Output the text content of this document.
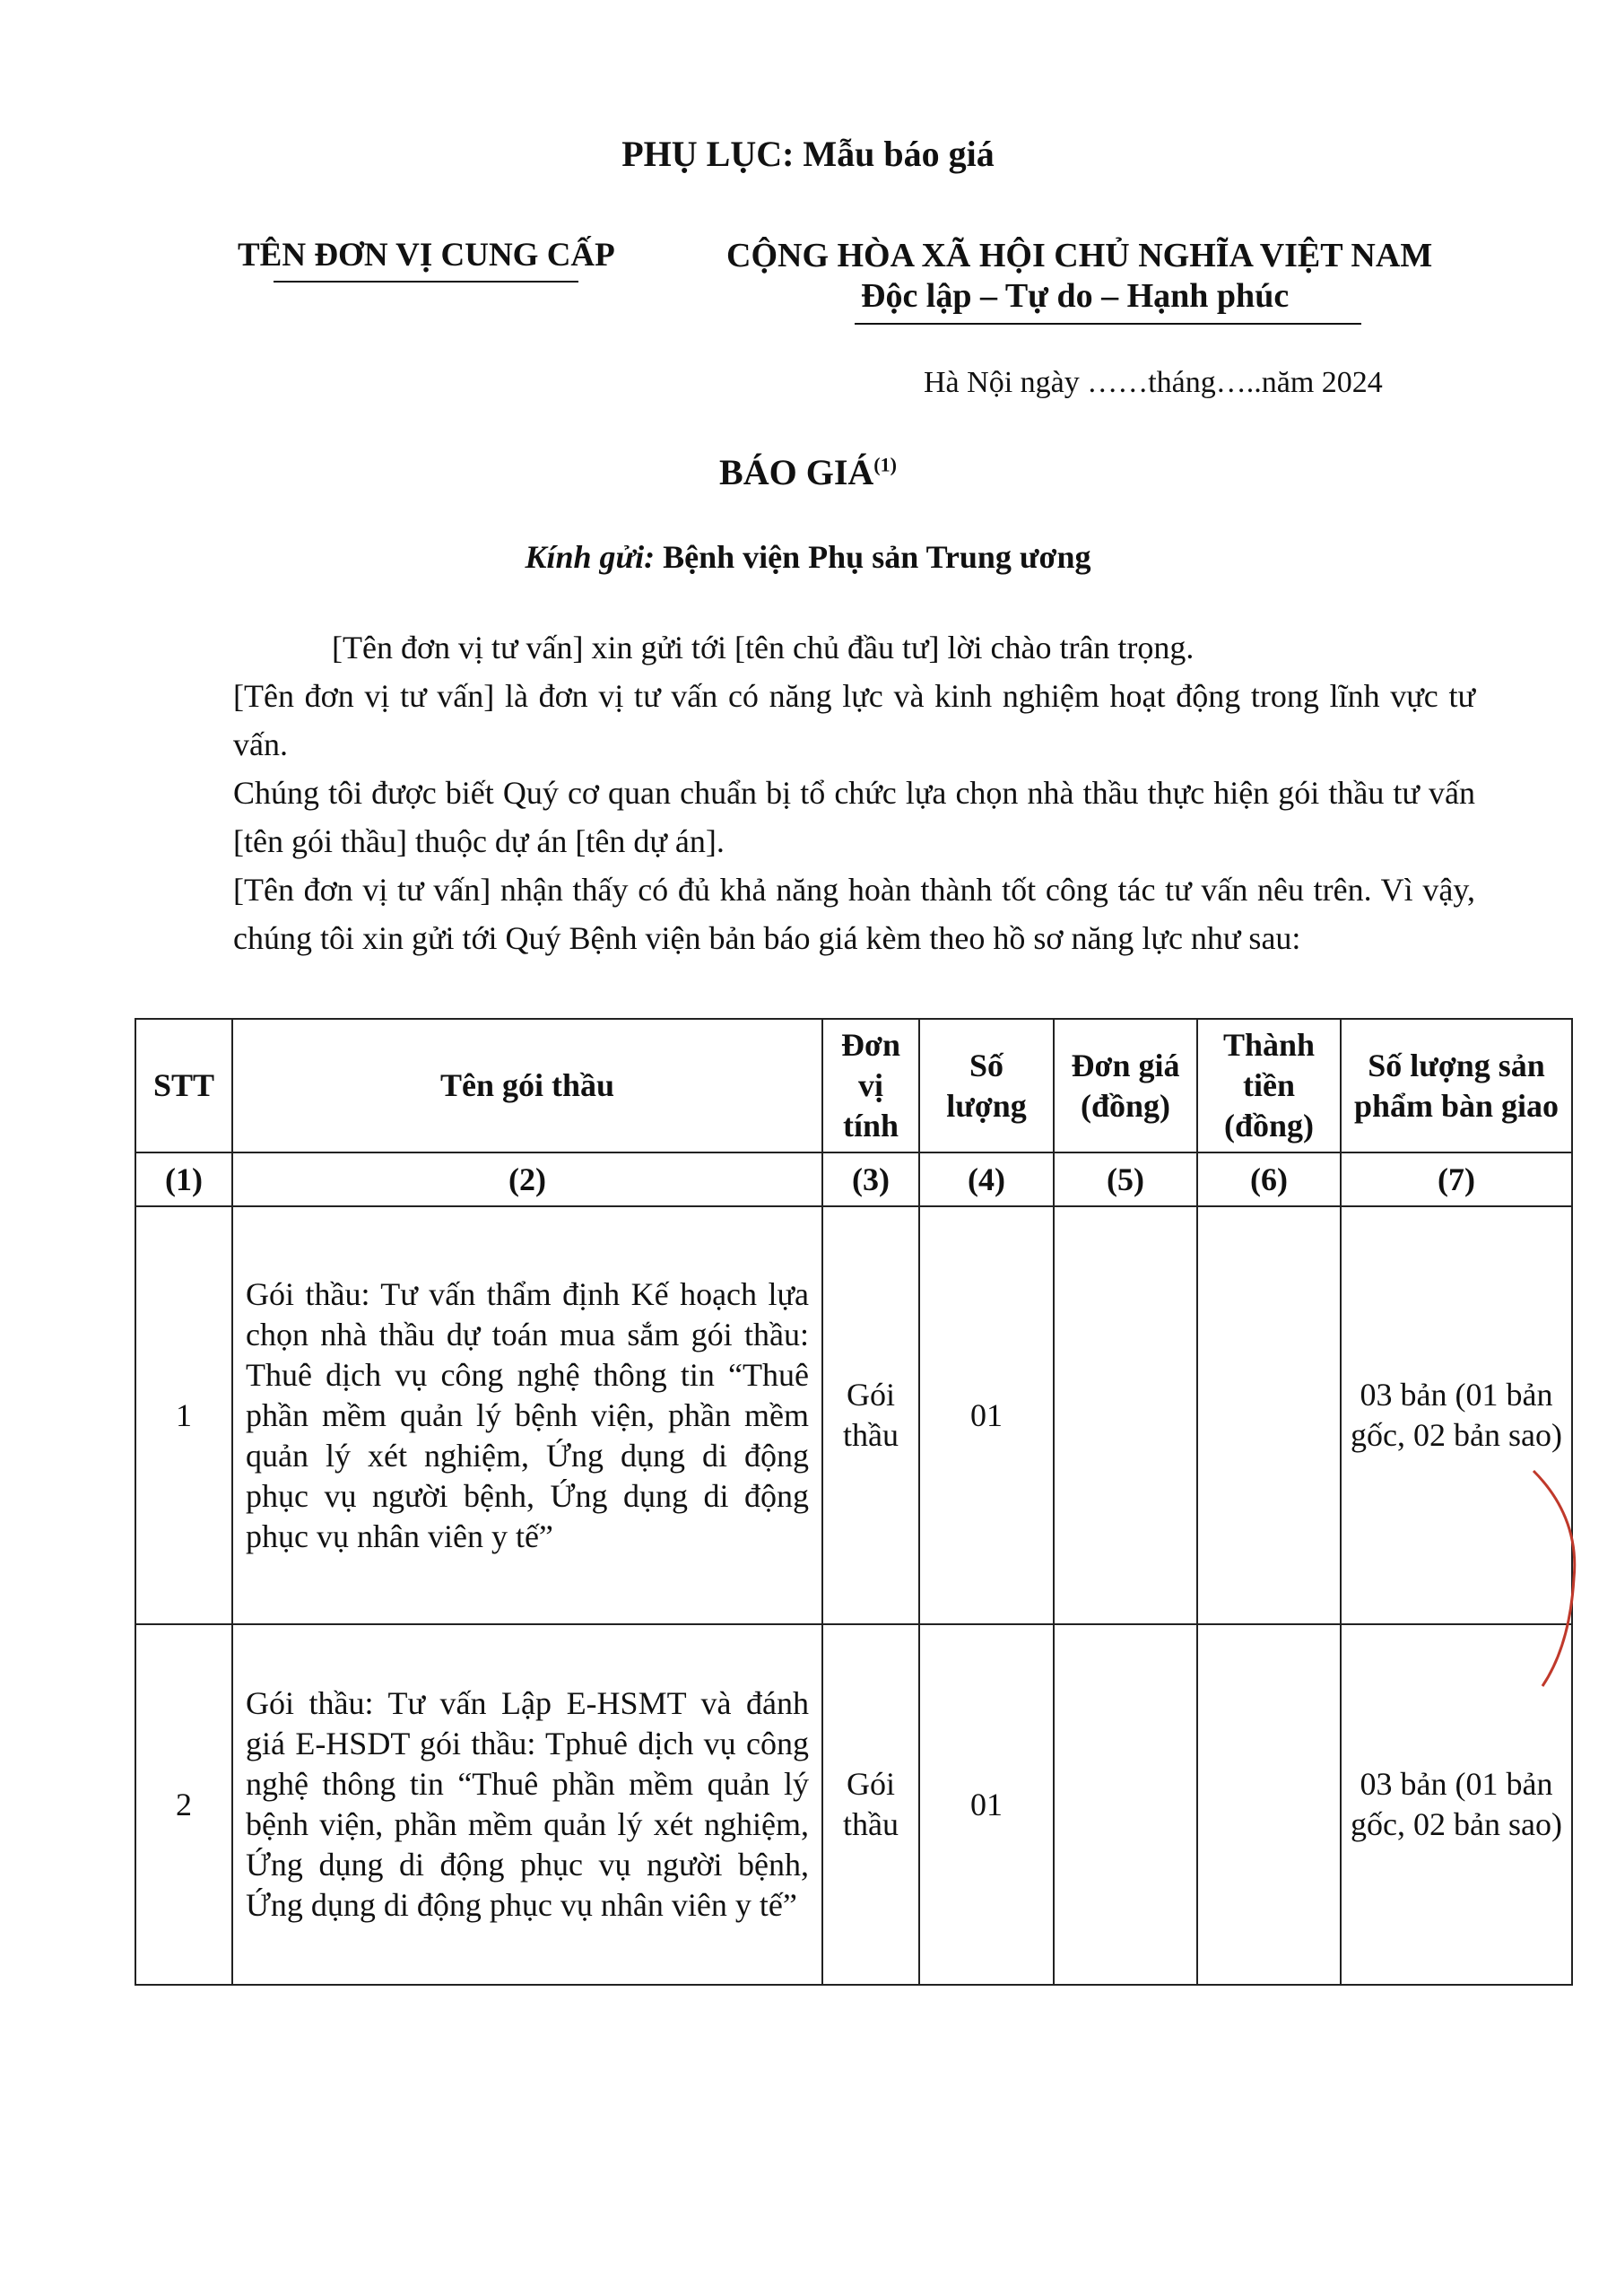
PHỤ LỤC: Mẫu báo giá
TÊN ĐƠN VỊ CUNG CẤP	CỘNG HÒA XÃ HỘI CHỦ NGHĨA VIỆT NAM
Độc lập – Tự do – Hạnh phúc
Hà Nội ngày ……tháng…..năm 2024
BÁO GIÁ$^{(1)}$
Kính gửi: Bệnh viện Phụ sản Trung ương

[Tên đơn vị tư vấn] xin gửi tới [tên chủ đầu tư] lời chào trân trọng.

[Tên đơn vị tư vấn] là đơn vị tư vấn có năng lực và kinh nghiệm hoạt động trong lĩnh vực tư vấn.

Chúng tôi được biết Quý cơ quan chuẩn bị tổ chức lựa chọn nhà thầu thực hiện gói thầu tư vấn [tên gói thầu] thuộc dự án [tên dự án].

[Tên đơn vị tư vấn] nhận thấy có đủ khả năng hoàn thành tốt công tác tư vấn nêu trên. Vì vậy, chúng tôi xin gửi tới Quý Bệnh viện bản báo giá kèm theo hồ sơ năng lực như sau:

STT	Tên gói thầu	Đơn vị tính	Số lượng	Đơn giá (đồng)	Thành tiền (đồng)	Số lượng sản phẩm bàn giao
(1)	(2)	(3)	(4)	(5)	(6)	(7)
1	Gói thầu: Tư vấn thẩm định Kế hoạch lựa chọn nhà thầu dự toán mua sắm gói thầu: Thuê dịch vụ công nghệ thông tin “Thuê phần mềm quản lý bệnh viện, phần mềm quản lý xét nghiệm, Ứng dụng di động phục vụ người bệnh, Ứng dụng di động phục vụ nhân viên y tế”	Gói thầu	01			03 bản (01 bản gốc, 02 bản sao)
2	Gói thầu: Tư vấn Lập E-HSMT và đánh giá E-HSDT gói thầu: Tphuê dịch vụ công nghệ thông tin “Thuê phần mềm quản lý bệnh viện, phần mềm quản lý xét nghiệm, Ứng dụng di động phục vụ người bệnh, Ứng dụng di động phục vụ nhân viên y tế”	Gói thầu	01			03 bản (01 bản gốc, 02 bản sao)
